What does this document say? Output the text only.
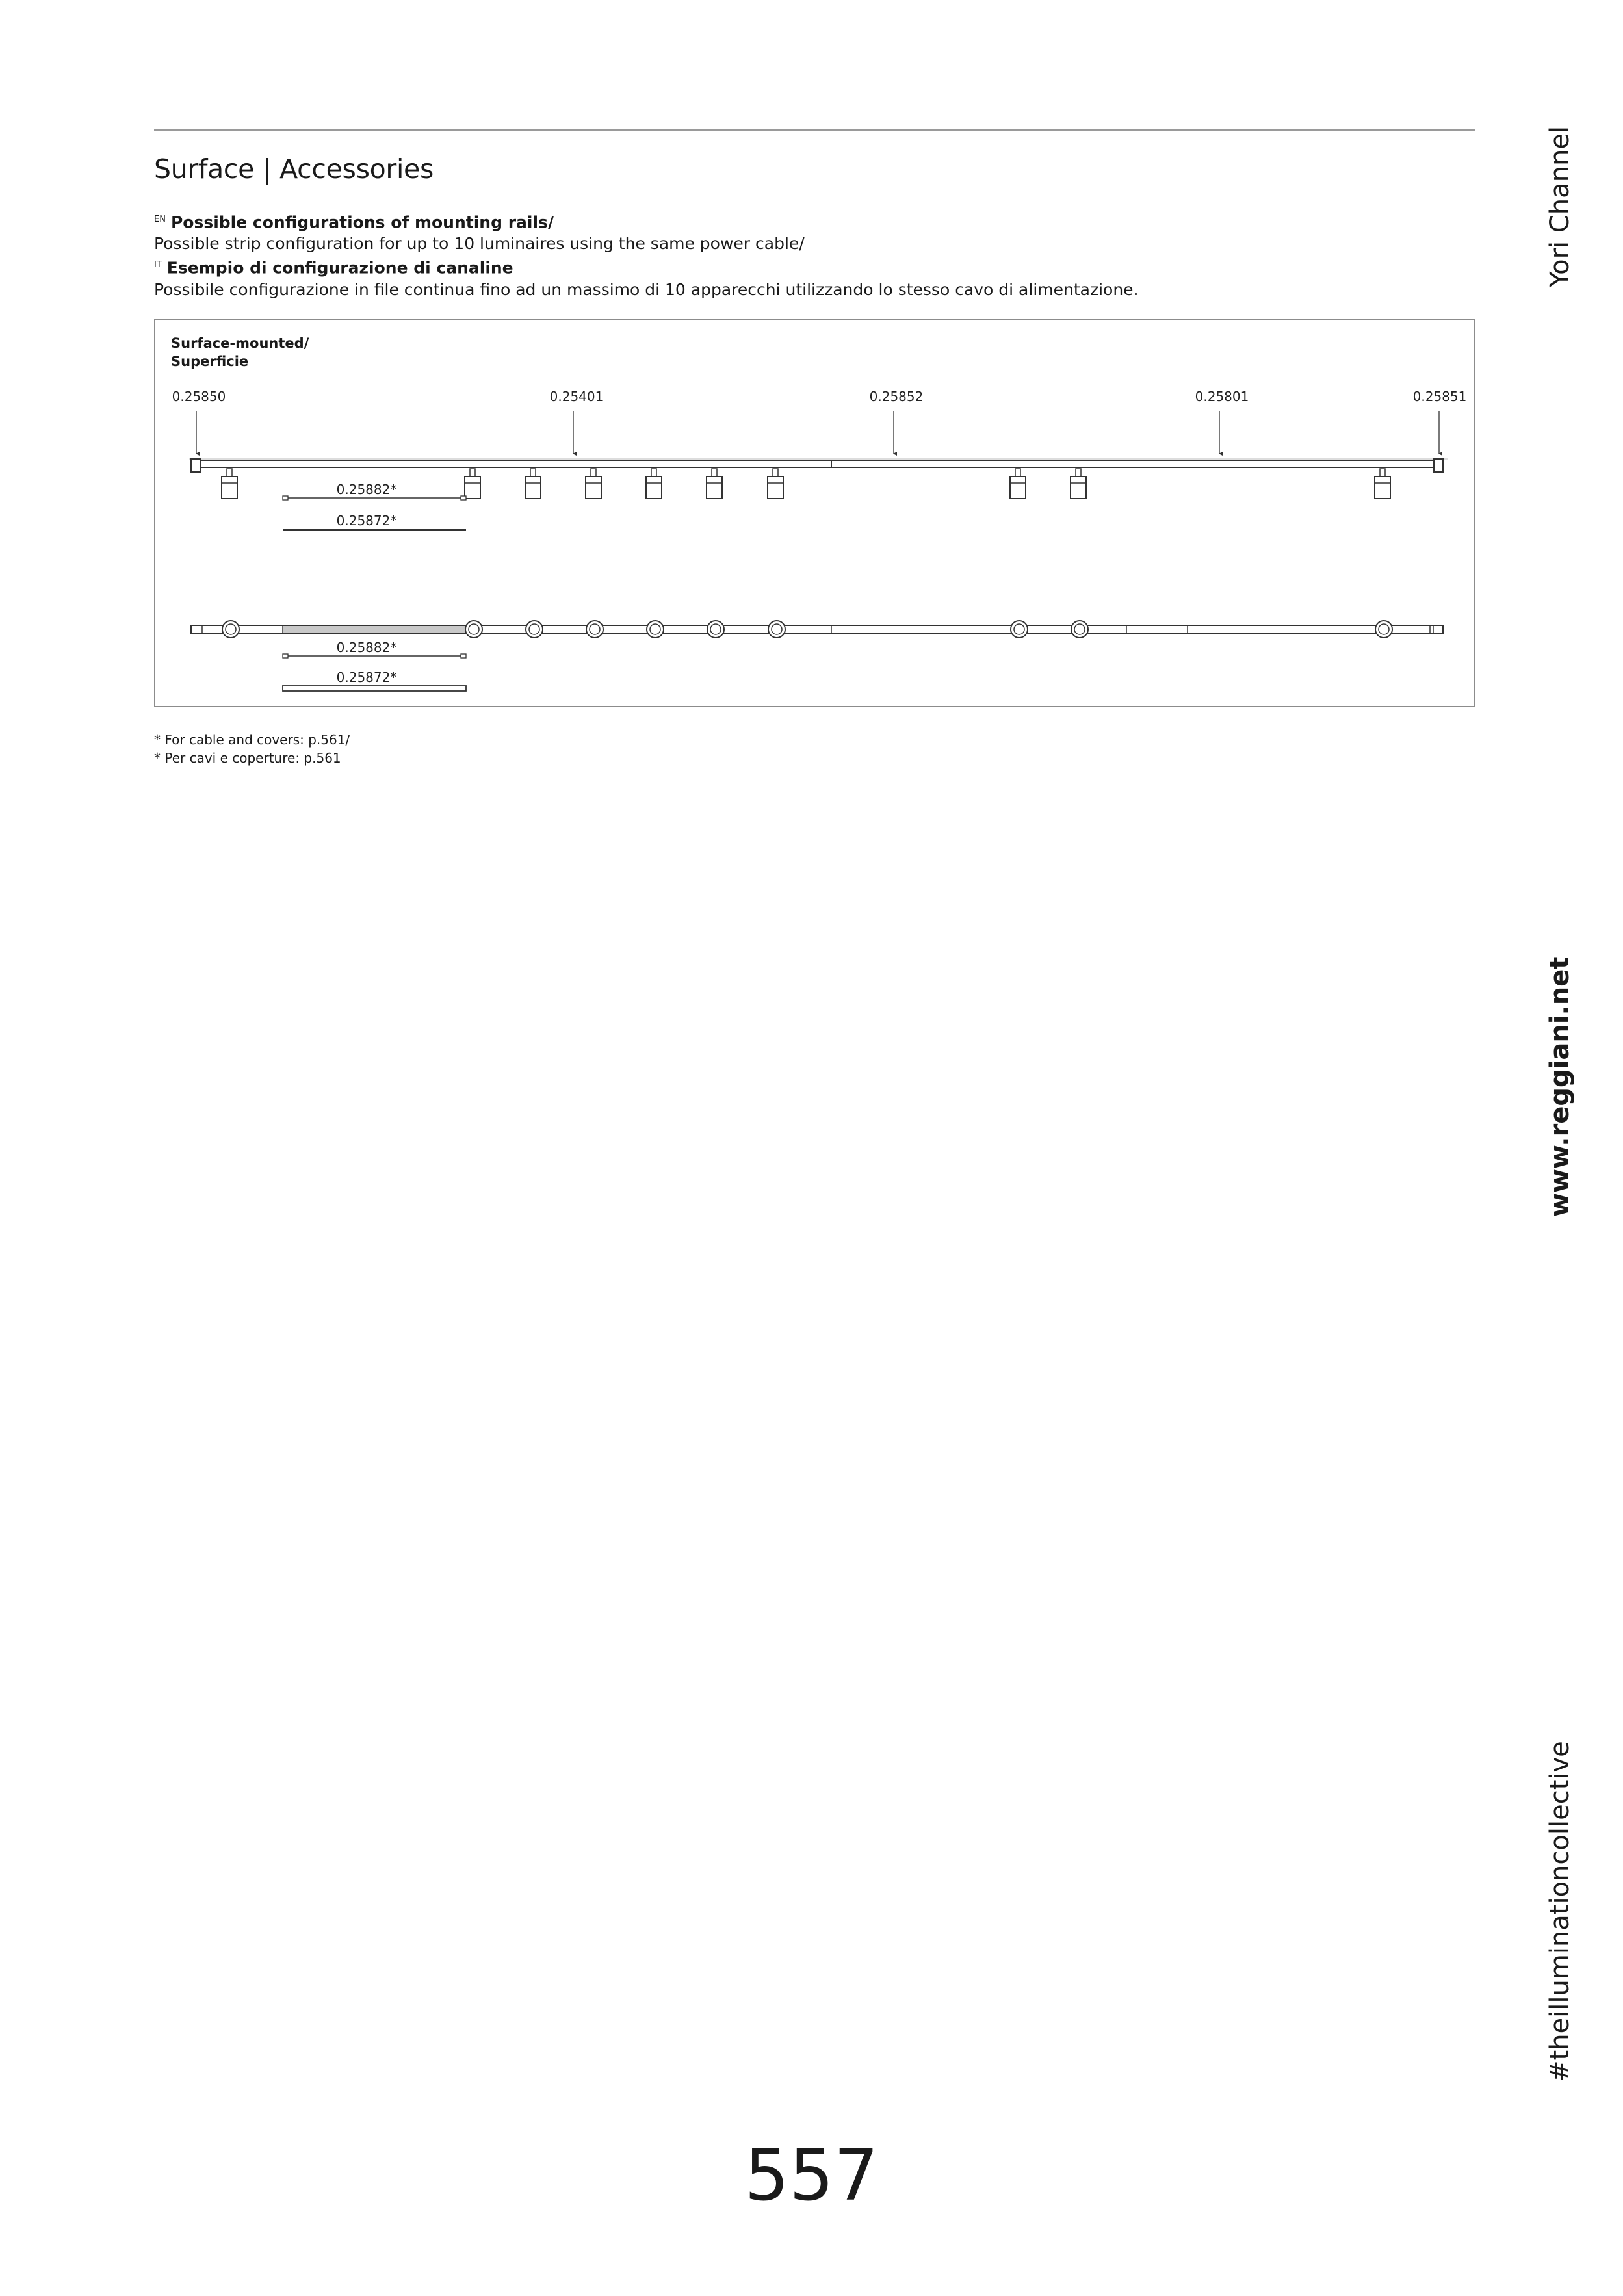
Surface | Accessories
$^{EN}$ Possible configurations of mounting rails/
Possible strip configuration for up to 10 luminaires using the same power cable/
$^{IT}$ Esempio di configurazione di canaline
Possibile configurazione in file continua fino ad un massimo di 10 apparecchi utilizzando lo stesso cavo di alimentazione.
Surface-mounted/
Superficie
0.25850	0.25401	0.25852	0.25801	0.25851
0.25882*
0.25872*
0.25882*
0.25872*
* For cable and covers: p.561/
* Per cavi e coperture: p.561
Yori Channel
www.reggiani.net
#theilluminationcollective
557
